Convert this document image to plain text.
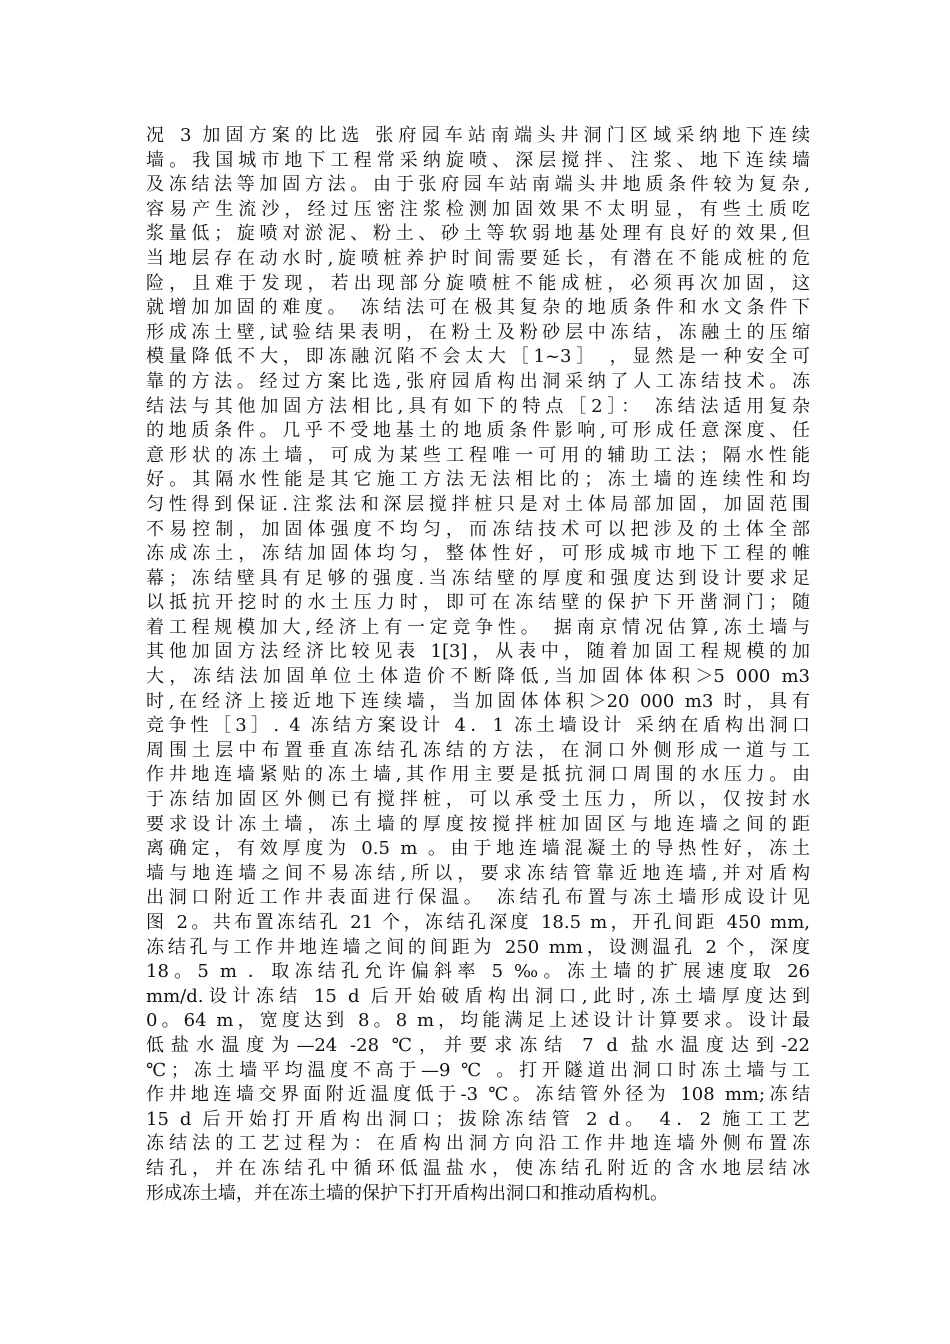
况 3 加固方案的比选 张府园车站南端头井洞门区域采纳地下连续
墙。我国城市地下工程常采纳旋喷、深层搅拌、注浆、地下连续墙
及冻结法等加固方法。由于张府园车站南端头井地质条件较为复杂,
容易产生流沙，经过压密注浆检测加固效果不太明显，有些土质吃
浆量低；旋喷对淤泥、粉土、砂土等软弱地基处理有良好的效果,但
当地层存在动水时,旋喷桩养护时间需要延长，有潜在不能成桩的危
险，且难于发现，若出现部分旋喷桩不能成桩，必须再次加固，这
就增加加固的难度。 冻结法可在极其复杂的地质条件和水文条件下
形成冻土壁,试验结果表明，在粉土及粉砂层中冻结，冻融土的压缩
模量降低不大，即冻融沉陷不会太大［1~3］ ，显然是一种安全可
靠的方法。经过方案比选,张府园盾构出洞采纳了人工冻结技术。冻
结法与其他加固方法相比,具有如下的特点［2］： 冻结法适用复杂
的地质条件。几乎不受地基土的地质条件影响,可形成任意深度、任
意形状的冻土墙，可成为某些工程唯一可用的辅助工法；隔水性能
好。其隔水性能是其它施工方法无法相比的；冻土墙的连续性和均
匀性得到保证.注浆法和深层搅拌桩只是对土体局部加固，加固范围
不易控制，加固体强度不均匀，而冻结技术可以把涉及的土体全部
冻成冻土，冻结加固体均匀，整体性好，可形成城市地下工程的帷
幕；冻结壁具有足够的强度.当冻结壁的厚度和强度达到设计要求足
以抵抗开挖时的水土压力时，即可在冻结壁的保护下开凿洞门；随
着工程规模加大,经济上有一定竞争性。 据南京情况估算,冻土墙与
其他加固方法经济比较见表 1[3]，从表中，随着加固工程规模的加
大，冻结法加固单位土体造价不断降低,当加固体体积＞5 000 m3
时,在经济上接近地下连续墙，当加固体体积＞20 000 m3 时，具有
竞争性［3］. 4 冻结方案设计 4．1 冻土墙设计 采纳在盾构出洞口
周围土层中布置垂直冻结孔冻结的方法，在洞口外侧形成一道与工
作井地连墙紧贴的冻土墙,其作用主要是抵抗洞口周围的水压力。由
于冻结加固区外侧已有搅拌桩，可以承受土压力，所以，仅按封水
要求设计冻土墙，冻土墙的厚度按搅拌桩加固区与地连墙之间的距
离确定，有效厚度为 0.5 m 。由于地连墙混凝土的导热性好，冻土
墙与地连墙之间不易冻结,所以，要求冻结管靠近地连墙,并对盾构
出洞口附近工作井表面进行保温。 冻结孔布置与冻土墙形成设计见
图 2。共布置冻结孔 21 个，冻结孔深度 18.5 m，开孔间距 450 mm,
冻结孔与工作井地连墙之间的间距为 250 mm，设测温孔 2 个，深度
18。5 m ．取冻结孔允许偏斜率 5 ‰。冻土墙的扩展速度取 26
mm/d.设计冻结 15 d 后开始破盾构出洞口,此时,冻土墙厚度达到
0。64 m，宽度达到 8。8 m，均能满足上述设计计算要求。设计最
低盐水温度为—24 -28 ℃，并要求冻结 7 d 盐水温度达到-22
℃；冻土墙平均温度不高于—9 ℃ 。打开隧道出洞口时冻土墙与工
作井地连墙交界面附近温度低于-3 ℃。冻结管外径为 108 mm;冻结
15 d 后开始打开盾构出洞口；拔除冻结管 2 d。 4．2 施工工艺
冻结法的工艺过程为：在盾构出洞方向沿工作井地连墙外侧布置冻
结孔，并在冻结孔中循环低温盐水，使冻结孔附近的含水地层结冰
形成冻土墙，并在冻土墙的保护下打开盾构出洞口和推动盾构机。
